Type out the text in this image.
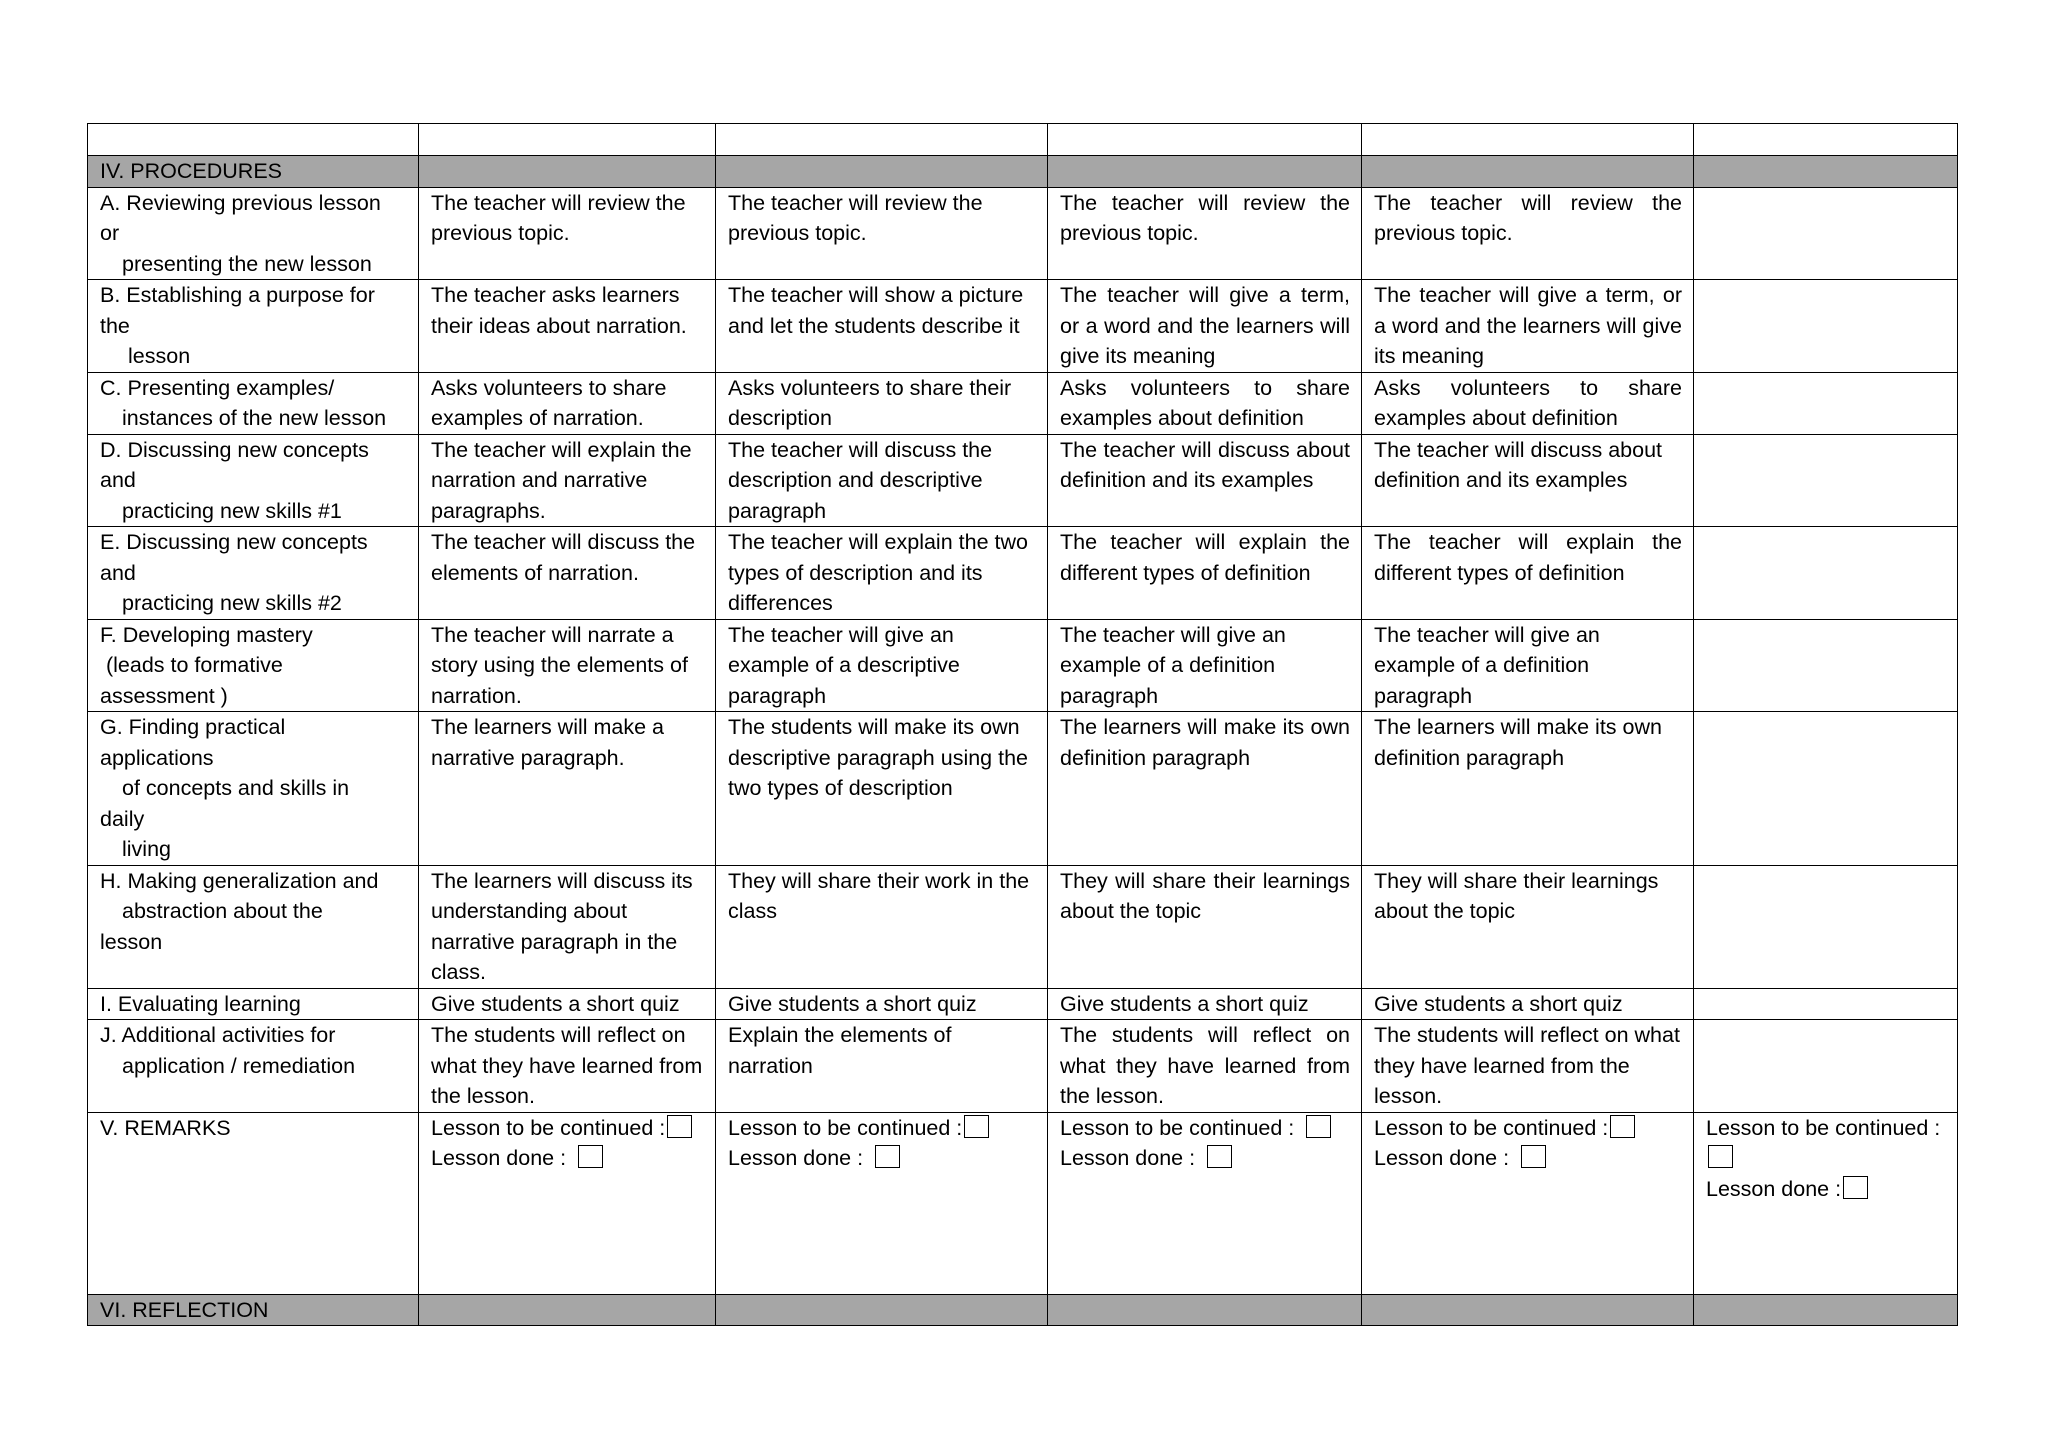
IV. PROCEDURES					

A. Reviewing previous lesson
or
presenting the new lesson	The teacher will review the previous topic.	The teacher will review the previous topic.	The teacher will review the previous topic.	The teacher will review the previous topic.	

B. Establishing a purpose for
the
lesson	The teacher asks learners their ideas about narration.	The teacher will show a picture and let the students describe it	The teacher will give a term, or a word and the learners will give its meaning	The teacher will give a term, or a word and the learners will give its meaning	

C. Presenting examples/
instances of the new lesson	Asks volunteers to share examples of narration.	Asks volunteers to share their description	Asks volunteers to share examples about definition	Asks volunteers to share examples about definition	

D. Discussing new concepts
and
practicing new skills #1	The teacher will explain the narration and narrative paragraphs.	The teacher will discuss the description and descriptive paragraph	The teacher will discuss about definition and its examples	The teacher will discuss about definition and its examples	

E. Discussing new concepts
and
practicing new skills #2	The teacher will discuss the elements of narration.	The teacher will explain the two types of description and its differences	The teacher will explain the different types of definition	The teacher will explain the different types of definition	

F. Developing mastery
(leads to formative
assessment )	The teacher will narrate a story using the elements of narration.	The teacher will give an example of a descriptive paragraph	The teacher will give an example of a definition paragraph	The teacher will give an example of a definition paragraph	

G. Finding practical
applications
of concepts and skills in
daily
living	The learners will make a narrative paragraph.	The students will make its own descriptive paragraph using the two types of description	The learners will make its own definition paragraph	The learners will make its own definition paragraph	

H. Making generalization and
abstraction about the
lesson	The learners will discuss its understanding about narrative paragraph in the class.	They will share their work in the class	They will share their learnings about the topic	They will share their learnings about the topic	

I. Evaluating learning	Give students a short quiz	Give students a short quiz	Give students a short quiz	Give students a short quiz	

J. Additional activities for
application / remediation	The students will reflect on what they have learned from the lesson.	Explain the elements of narration	The students will reflect on what they have learned from the lesson.	The students will reflect on what they have learned from the lesson.	
V. REMARKS	Lesson to be continued :
Lesson done :	Lesson to be continued :
Lesson done :	Lesson to be continued :
Lesson done :	Lesson to be continued :
Lesson done :	Lesson to be continued :
Lesson done :

VI. REFLECTION					
